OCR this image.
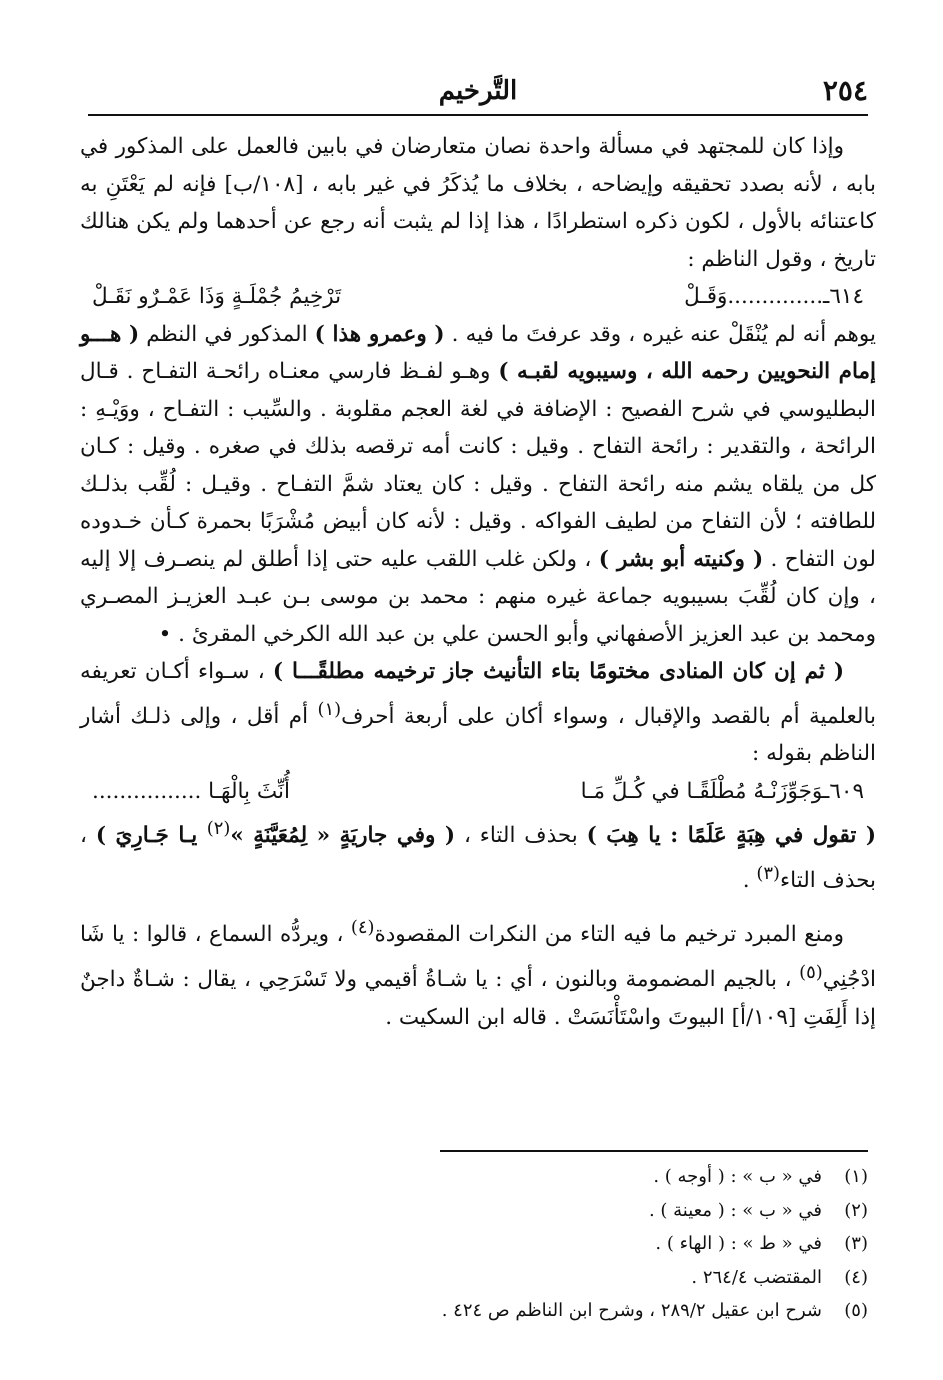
٢٥٤
التَّرخيم

وإذا كان للمجتهد في مسألة واحدة نصان متعارضان في بابين فالعمل على المذكور في بابه ، لأنه بصدد تحقيقه وإيضاحه ، بخلاف ما يُذكَرُ في غير بابه ، [١٠٨/ب] فإنه لم يَعْتَنِ به كاعتنائه بالأول ، لكون ذكره استطرادًا ، هذا إذا لم يثبت أنه رجع عن أحدهما ولم يكن هنالك تاريخ ، وقول الناظم :

٦١٤ـ..............وَقَـلْ
تَرْخِيمُ جُمْلَـةٍ وَذَا عَمْـرٌو نَقَـلْ

يوهم أنه لم يُنْقَلْ عنه غيره ، وقد عرفتَ ما فيه . ( وعمرو هذا ) المذكور في النظم ( هـــو إمام النحويين رحمه الله ، وسيبويه لقبـه ) وهـو لفـظ فارسي معنـاه رائحـة التفـاح . قـال البطليوسي في شرح الفصيح : الإضافة في لغة العجم مقلوبة . والسِّيب : التفـاح ، ووَيْـهِ : الرائحة ، والتقدير : رائحة التفاح . وقيل : كانت أمه ترقصه بذلك في صغره . وقيل : كـان كل من يلقاه يشم منه رائحة التفاح . وقيل : كان يعتاد شمَّ التفـاح . وقيـل : لُقِّب بذلـك للطافته ؛ لأن التفاح من لطيف الفواكه . وقيل : لأنه كان أبيض مُشْرَبًا بحمرة كـأن خـدوده لون التفاح . ( وكنيته أبو بشر ) ، ولكن غلب اللقب عليه حتى إذا أطلق لم ينصـرف إلا إليه ، وإن كان لُقِّبَ بسيبويه جماعة غيره منهم : محمد بن موسى بـن عبـد العزيـز المصـري ومحمد بن عبد العزيز الأصفهاني وأبو الحسن علي بن عبد الله الكرخي المقرئ . •

( ثم إن كان المنادى مختومًا بتاء التأنيث جاز ترخيمه مطلقًـــا ) ، سـواء أكـان تعريفه بالعلمية أم بالقصد والإقبال ، وسواء أكان على أربعة أحرف$^{(١)}$ أم أقل ، وإلى ذلـك أشار الناظم بقوله :

٦٠٩ـوَجَوِّزَنْـهُ مُطْلَقًـا في كُـلِّ مَـا
أُنِّثَ بِالْهَـا ................

( تقول في هِبَةٍ عَلَمًا : يا هِبَ ) بحذف التاء ، ( وفي جاريَةٍ « لِمُعَيَّنَةٍ »$^{(٢)}$ يـا جَـارِيَ ) ، بحذف التاء$^{(٣)}$ .

ومنع المبرد ترخيم ما فيه التاء من النكرات المقصودة$^{(٤)}$ ، ويردُّه السماع ، قالوا : يا شَا ادْجُنِي$^{(٥)}$ ، بالجيم المضمومة وبالنون ، أي : يا شـاةُ أقيمي ولا تَسْرَحِي ، يقال : شـاةٌ داجنٌ إذا أَلِفَتِ [١٠٩/أ] البيوتَ واسْتَأْنَسَتْ . قاله ابن السكيت .

(١)
في « ب » : ( أوجه ) .
(٢)
في « ب » : ( معينة ) .
(٣)
في « ط » : ( الهاء ) .
(٤)
المقتضب ٢٦٤/٤ .
(٥)
شرح ابن عقيل ٢٨٩/٢ ، وشرح ابن الناظم ص ٤٢٤ .
